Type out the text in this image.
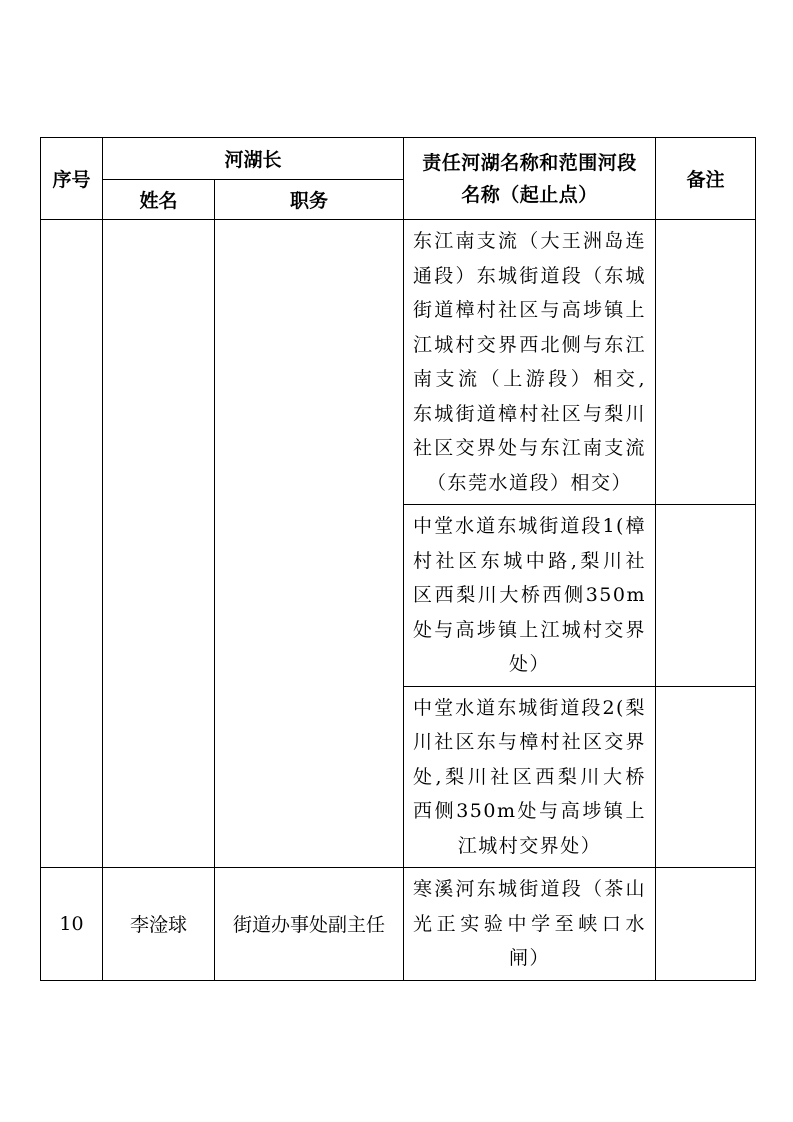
序号	河湖长		责任河湖名称和范围河段名称（起止点）	备注
	姓名	职务		

			东江南支流（大王洲岛连通段）东城街道段（东城街道樟村社区与高埗镇上江城村交界西北侧与东江南支流（上游段）相交,东城街道樟村社区与梨川社区交界处与东江南支流（东莞水道段）相交）	

			中堂水道东城街道段1(樟村社区东城中路,梨川社区西梨川大桥西侧350m处与高埗镇上江城村交界处）	

			中堂水道东城街道段2(梨川社区东与樟村社区交界处,梨川社区西梨川大桥西侧350m处与高埗镇上江城村交界处）	

10	李淦球	街道办事处副主任	寒溪河东城街道段（茶山光正实验中学至峡口水闸）	
